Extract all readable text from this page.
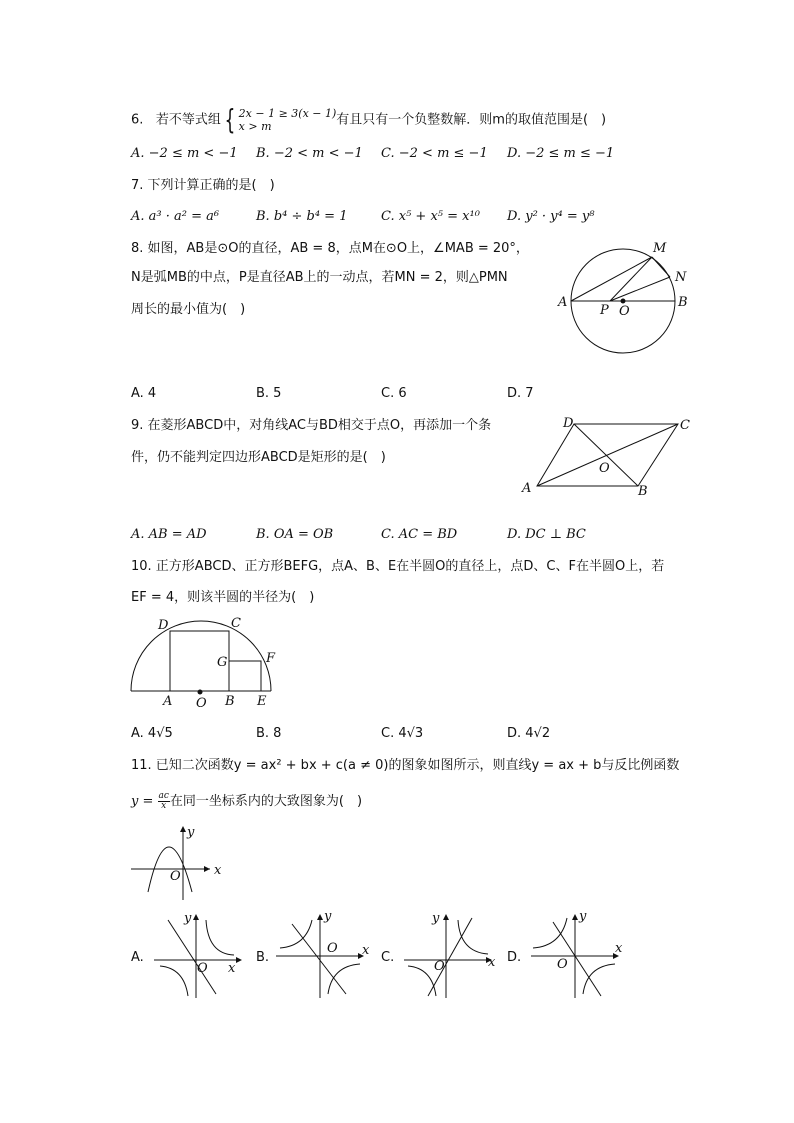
6. 若不等式组 { 2x − 1 ≥ 3(x − 1)
x > m	有且只有一个负整数解．则m的取值范围是(　)
A. −2 ≤ m < −1 B. −2 < m < −1 C. −2 < m ≤ −1 D. −2 ≤ m ≤ −1
7. 下列计算正确的是(　)
A. a³ · a² = a⁶	B. b⁴ ÷ b⁴ = 1	C. x⁵ + x⁵ = x¹⁰ D. y² · y⁴ = y⁸
8. 如图，AB是⊙O的直径，AB = 8，点M在⊙O上，∠MAB = 20°，
N是弧MB的中点，P是直径AB上的一动点，若MN = 2，则△PMN
周长的最小值为(　)
M
N
A	B
P O
A. 4	B. 5	C. 6	D. 7
9. 在菱形ABCD中，对角线AC与BD相交于点O，再添加一个条
件，仍不能判定四边形ABCD是矩形的是(　)
D	C
A	B
O
A. AB = AD	B. OA = OB	C. AC = BD	D. DC ⊥ BC
10. 正方形ABCD、正方形BEFG，点A、B、E在半圆O的直径上，点D、C、F在半圆O上，若
EF = 4，则该半圆的半径为(　)
D	C
G	F
A	B E
O
A. 4√5	B. 8	C. 4√3	D. 4√2
11. 已知二次函数y = ax² + bx + c(a ≠ 0)的图象如图所示，则直线y = ax + b与反比例函数
$y = \frac{ac}{x}$ 在同一坐标系内的大致图象为(　)
x
y
O
A.
y
x
O
B.
y
x
O
C.
y
x
O
D.
y
x
O
